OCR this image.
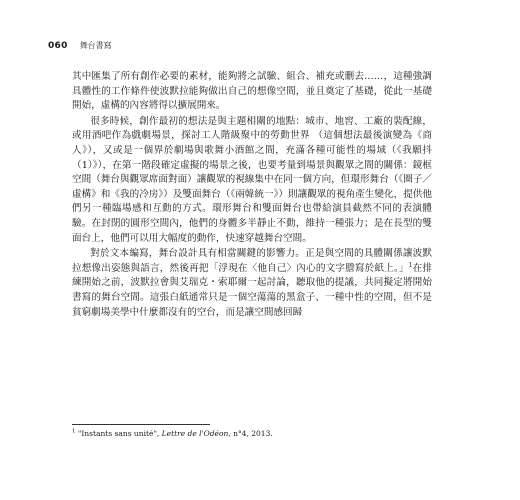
060 舞台書寫

其中匯集了所有創作必要的素材，能夠將之試驗、組合、補充或刪去……，這種強調具體性的工作條件使波默拉能夠做出自己的想像空間，並且奠定了基礎，從此一基礎開始，虛構的內容將得以擴展開來。

很多時候，創作最初的想法是與主題相關的地點：城市、地窖、工廠的裝配線，或用酒吧作為戲劇場景，探討工人階級聚中的勞動世界 （這個想法最後演變為《商人》），又或是一個界於劇場與歌舞小酒館之間，充滿各種可能性的場域（《我願抖（1）》），在第一階段確定虛擬的場景之後，也要考量到場景與觀眾之間的關係：鏡框空間（舞台與觀眾席面對面）讓觀眾的視線集中在同一個方向，但環形舞台（《圈子／虛構》和《我的冷房》）及雙面舞台（《兩韓統一》）則讓觀眾的視角產生變化，提供他們另一種臨場感和互動的方式。環形舞台和雙面舞台也帶給演員截然不同的表演體驗。在封閉的圓形空間內，他們的身體多半靜止不動，維持一種張力；是在長型的雙面台上，他們可以用大幅度的動作，快速穿越舞台空間。

對於文本編寫，舞台設計具有相當關鍵的影響力。正是與空間的具體關係讓波默拉想像出姿態與語言，然後再把「浮現在〈他自己〉內心的文字謄寫於紙上。」$^1$在排練開始之前，波默拉會與艾瑞克・索耶爾一起討論，聽取他的提議，共同擬定將開始書寫的舞台空間。這張白紙通常只是一個空蕩蕩的黑盒子、一種中性的空間，但不是貧窮劇場美學中什麼都沒有的空台，而是讓空間感回歸

$^1$ "Instants sans unité", Lettre de l'Odéon, n°4, 2013.
